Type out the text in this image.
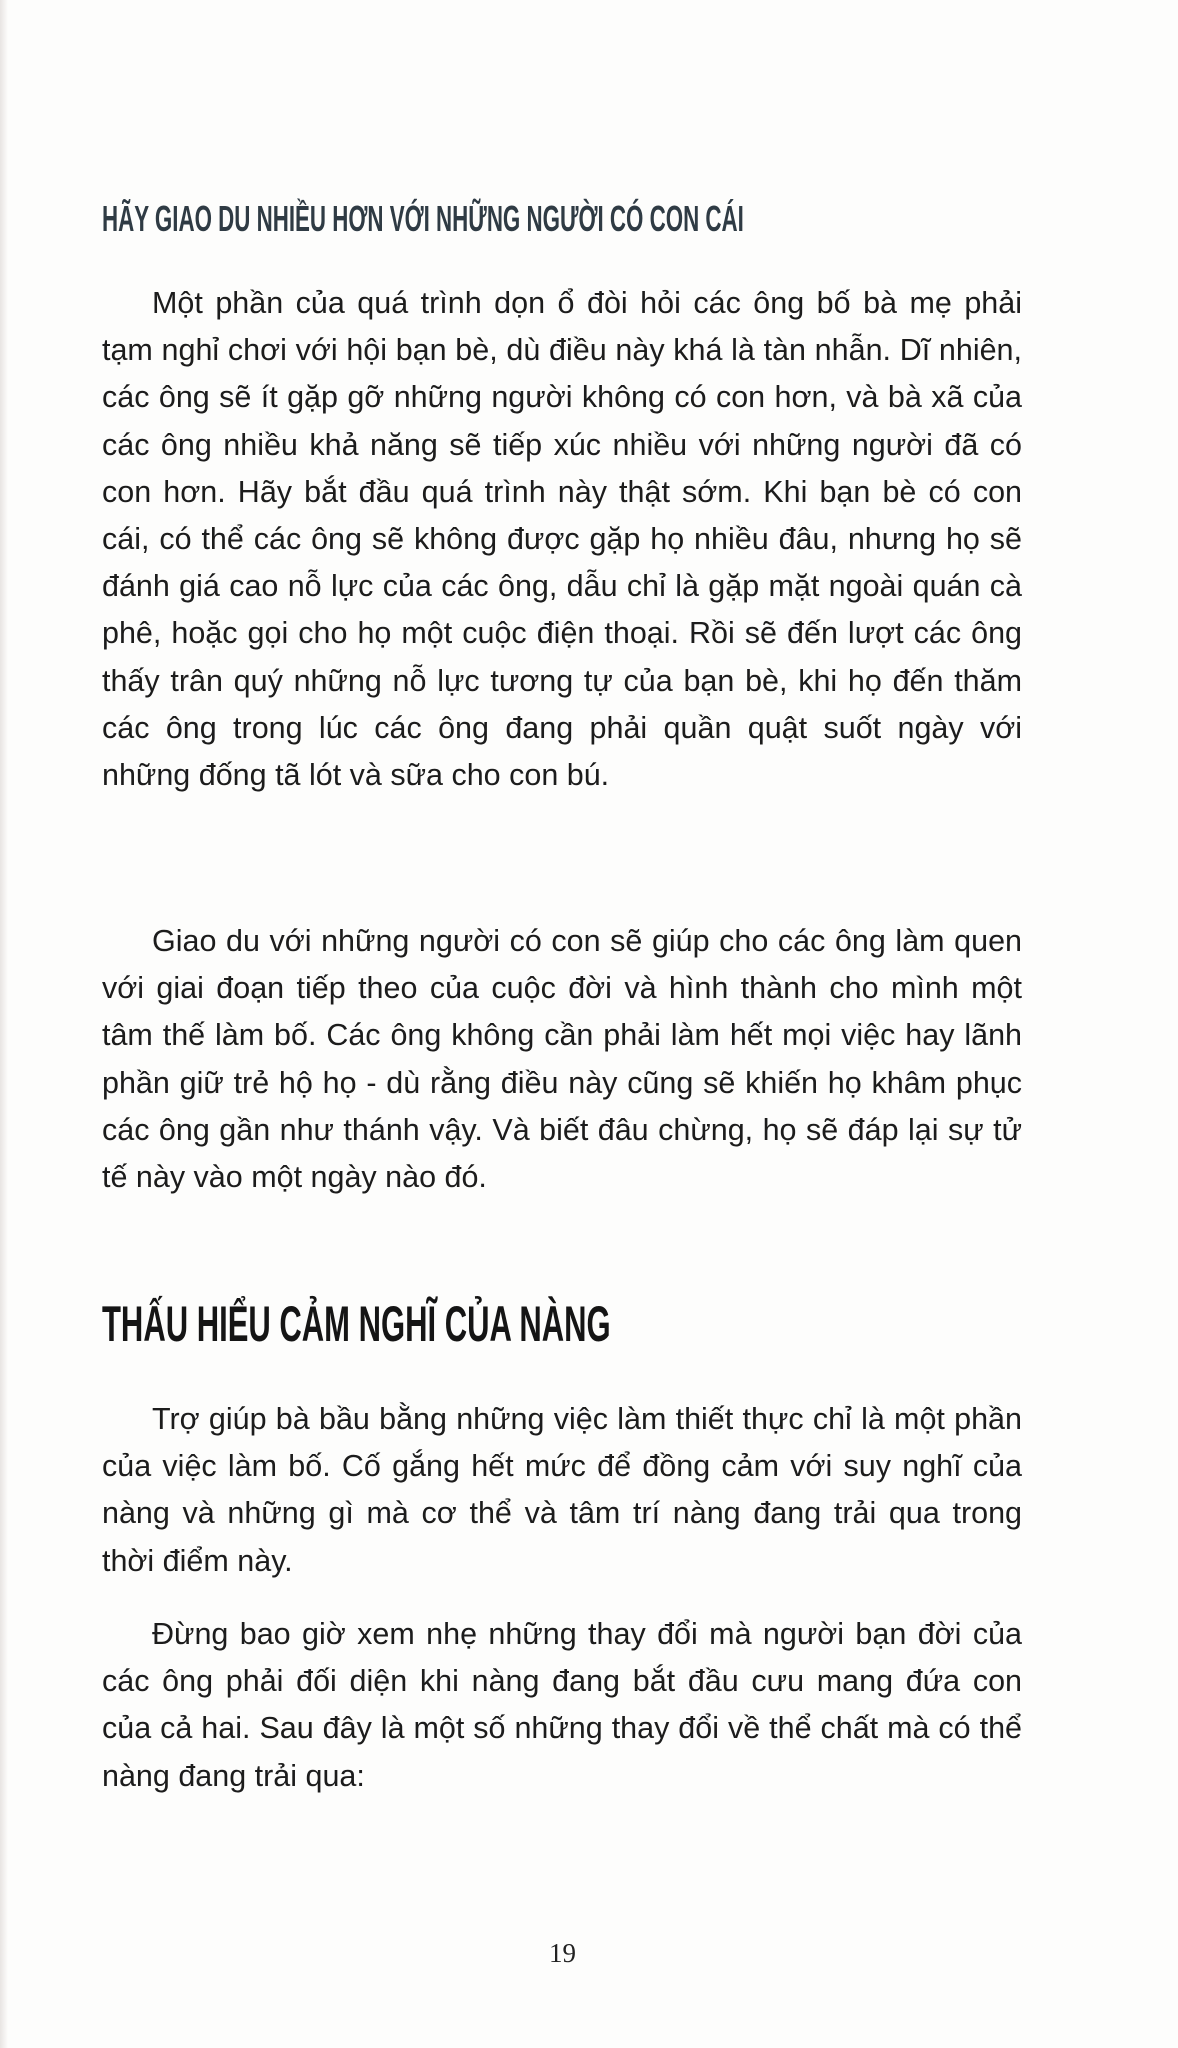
HÃY GIAO DU NHIỀU HƠN VỚI NHỮNG NGƯỜI CÓ CON CÁI

Một phần của quá trình dọn ổ đòi hỏi các ông bố bà mẹ phải tạm nghỉ chơi với hội bạn bè, dù điều này khá là tàn nhẫn. Dĩ nhiên, các ông sẽ ít gặp gỡ những người không có con hơn, và bà xã của các ông nhiều khả năng sẽ tiếp xúc nhiều với những người đã có con hơn. Hãy bắt đầu quá trình này thật sớm. Khi bạn bè có con cái, có thể các ông sẽ không được gặp họ nhiều đâu, nhưng họ sẽ đánh giá cao nỗ lực của các ông, dẫu chỉ là gặp mặt ngoài quán cà phê, hoặc gọi cho họ một cuộc điện thoại. Rồi sẽ đến lượt các ông thấy trân quý những nỗ lực tương tự của bạn bè, khi họ đến thăm các ông trong lúc các ông đang phải quần quật suốt ngày với những đống tã lót và sữa cho con bú.

Giao du với những người có con sẽ giúp cho các ông làm quen với giai đoạn tiếp theo của cuộc đời và hình thành cho mình một tâm thế làm bố. Các ông không cần phải làm hết mọi việc hay lãnh phần giữ trẻ hộ họ - dù rằng điều này cũng sẽ khiến họ khâm phục các ông gần như thánh vậy. Và biết đâu chừng, họ sẽ đáp lại sự tử tế này vào một ngày nào đó.

THẤU HIỂU CẢM NGHĨ CỦA NÀNG

Trợ giúp bà bầu bằng những việc làm thiết thực chỉ là một phần của việc làm bố. Cố gắng hết mức để đồng cảm với suy nghĩ của nàng và những gì mà cơ thể và tâm trí nàng đang trải qua trong thời điểm này.

Đừng bao giờ xem nhẹ những thay đổi mà người bạn đời của các ông phải đối diện khi nàng đang bắt đầu cưu mang đứa con của cả hai. Sau đây là một số những thay đổi về thể chất mà có thể nàng đang trải qua:

19
